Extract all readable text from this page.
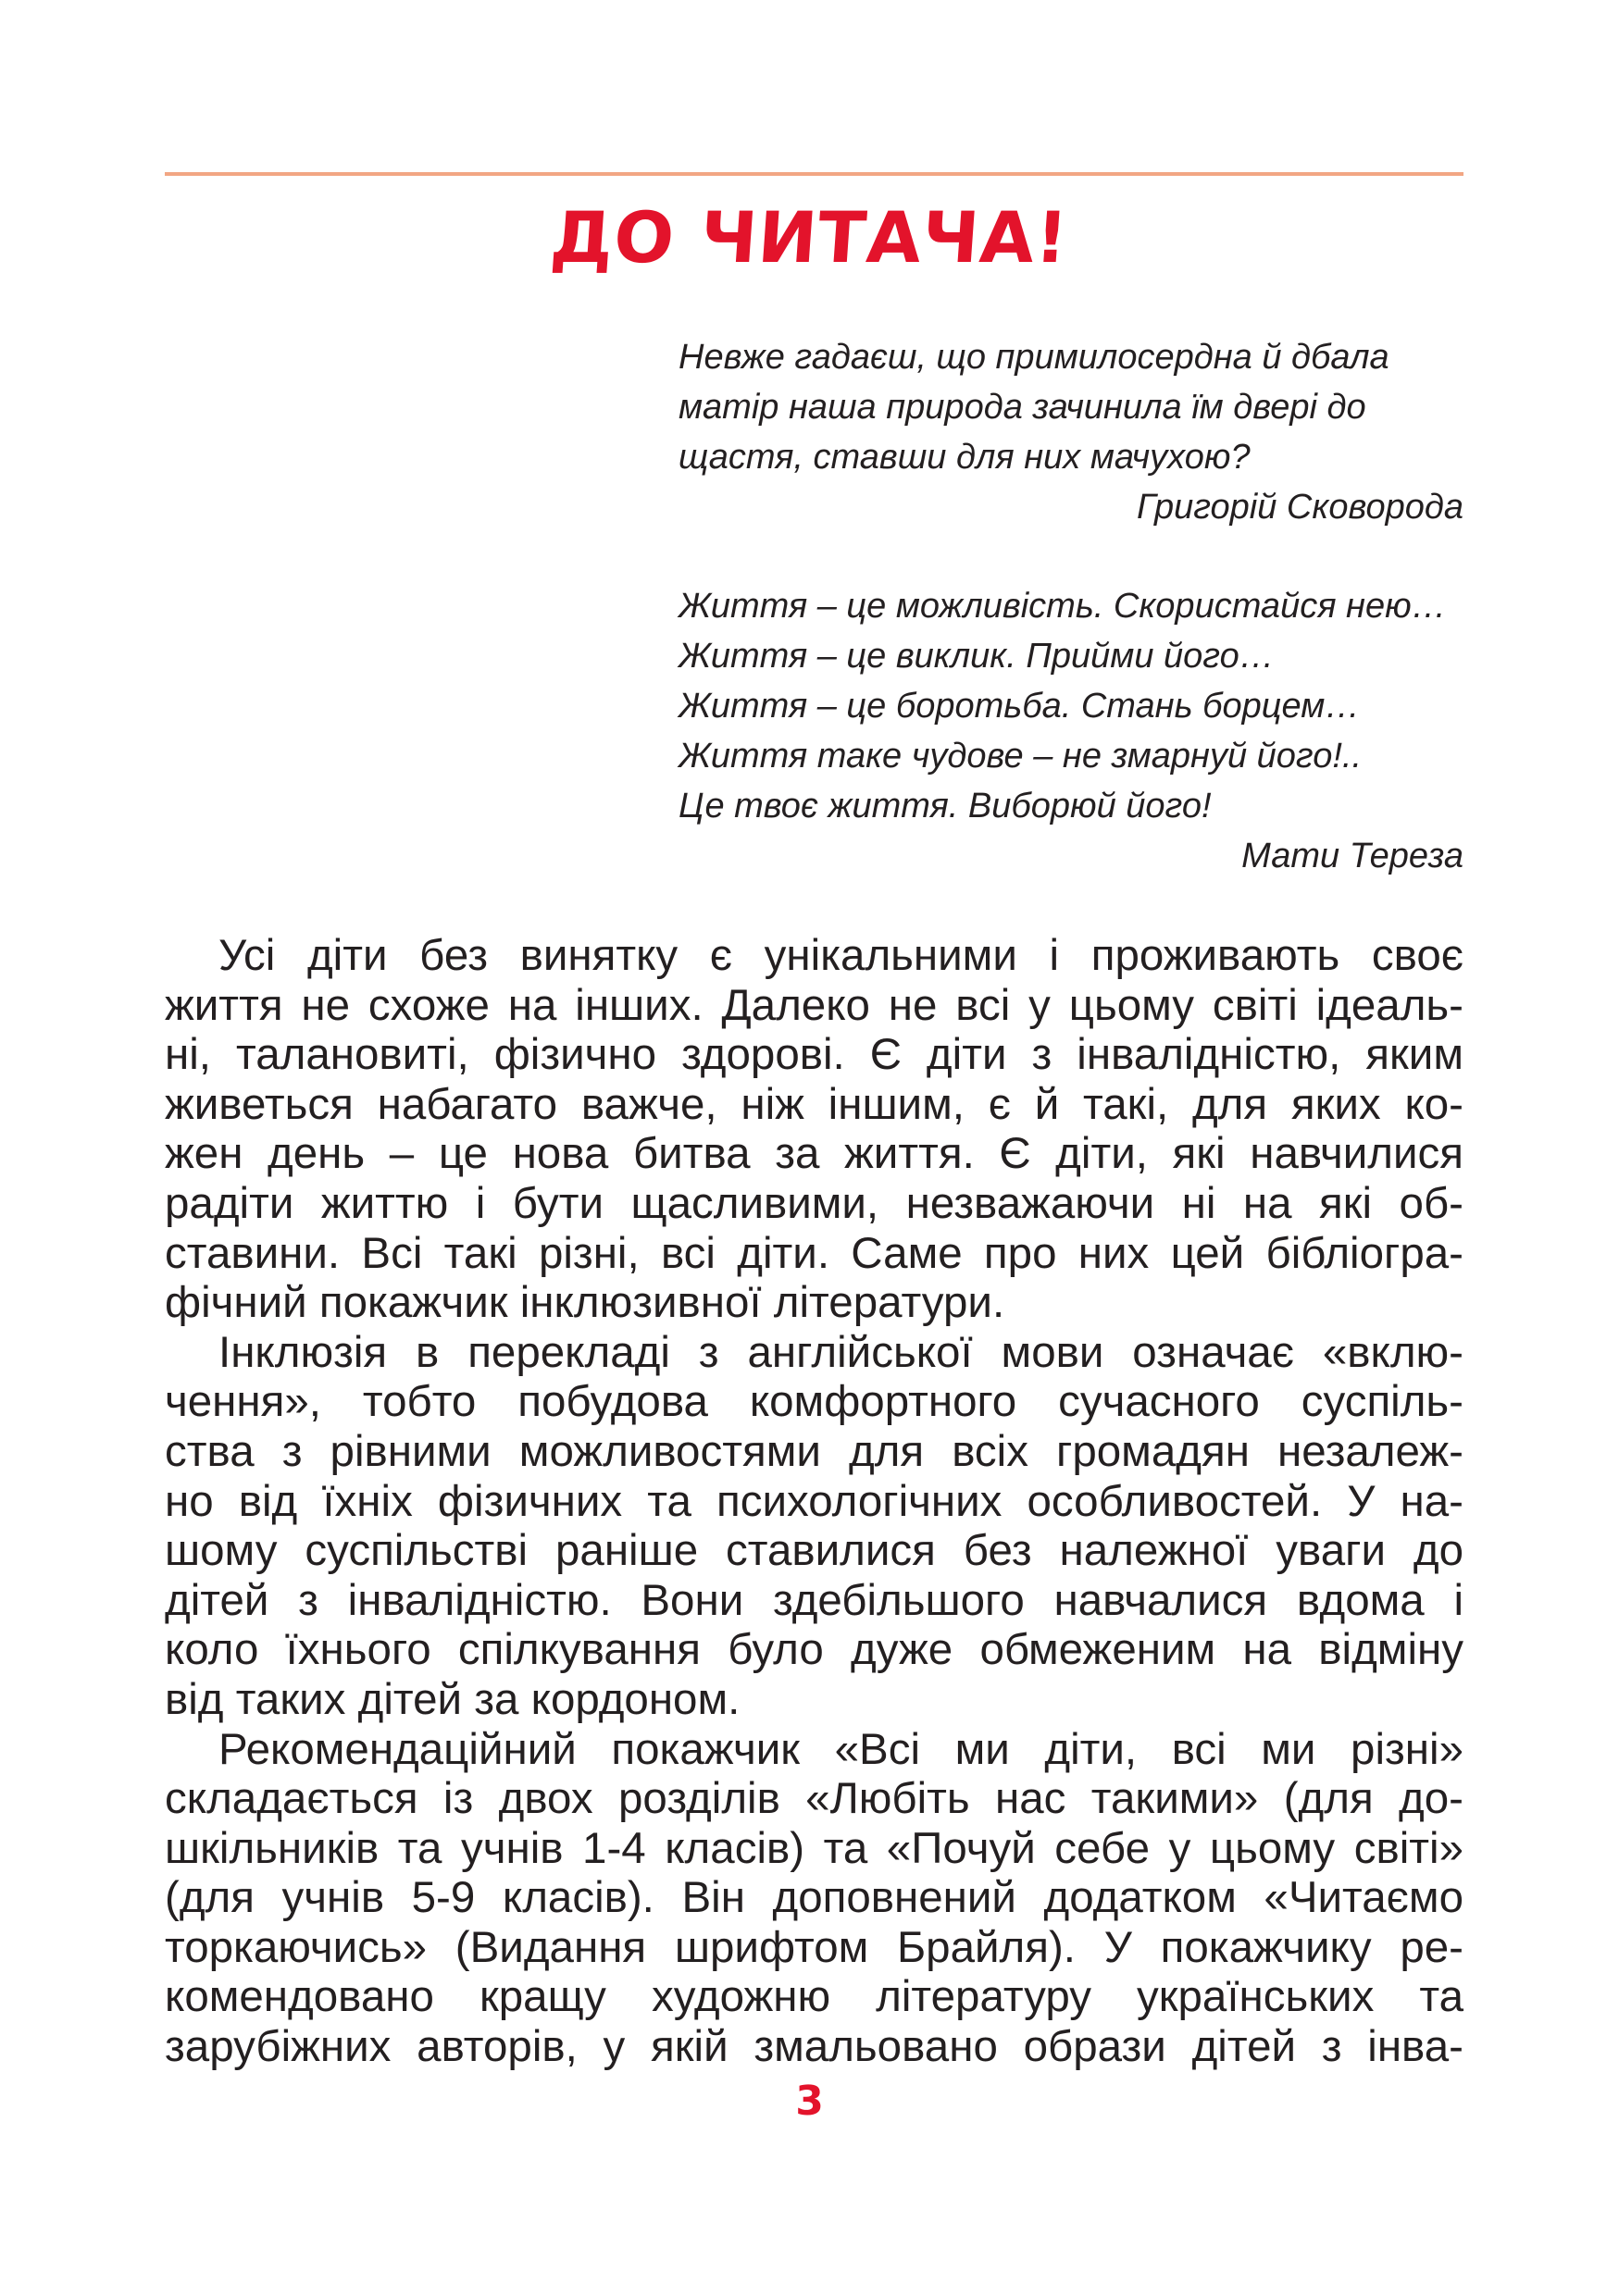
ДО ЧИТАЧА!
Невже гадаєш, що примилосердна й дбала
матір наша природа зачинила їм двері до
щастя, ставши для них мачухою?
Григорій Сковорода
Життя – це можливість. Скористайся нею…
Життя – це виклик. Прийми його…
Життя – це боротьба. Стань борцем…
Життя таке чудове – не змарнуй його!..
Це твоє життя. Виборюй його!
Мати Тереза
Усі діти без винятку є унікальними і проживають своє
життя не схоже на інших. Далеко не всі у цьому світі ідеаль-
ні, талановиті, фізично здорові. Є діти з інвалідністю, яким
живеться набагато важче, ніж іншим, є й такі, для яких ко-
жен день – це нова битва за життя. Є діти, які навчилися
радіти життю і бути щасливими, незважаючи ні на які об-
ставини. Всі такі різні, всі діти. Саме про них цей бібліогра-
фічний покажчик інклюзивної літератури.
Інклюзія в перекладі з англійської мови означає «вклю-
чення», тобто побудова комфортного сучасного суспіль-
ства з рівними можливостями для всіх громадян незалеж-
но від їхніх фізичних та психологічних особливостей. У на-
шому суспільстві раніше ставилися без належної уваги до
дітей з інвалідністю. Вони здебільшого навчалися вдома і
коло їхнього спілкування було дуже обмеженим на відміну
від таких дітей за кордоном.
Рекомендаційний покажчик «Всі ми діти, всі ми різні»
складається із двох розділів «Любіть нас такими» (для до-
шкільників та учнів 1-4 класів) та «Почуй себе у цьому світі»
(для учнів 5-9 класів). Він доповнений додатком «Читаємо
торкаючись» (Видання шрифтом Брайля). У покажчику ре-
комендовано кращу художню літературу українських та
зарубіжних авторів, у якій змальовано образи дітей з інва-
3
